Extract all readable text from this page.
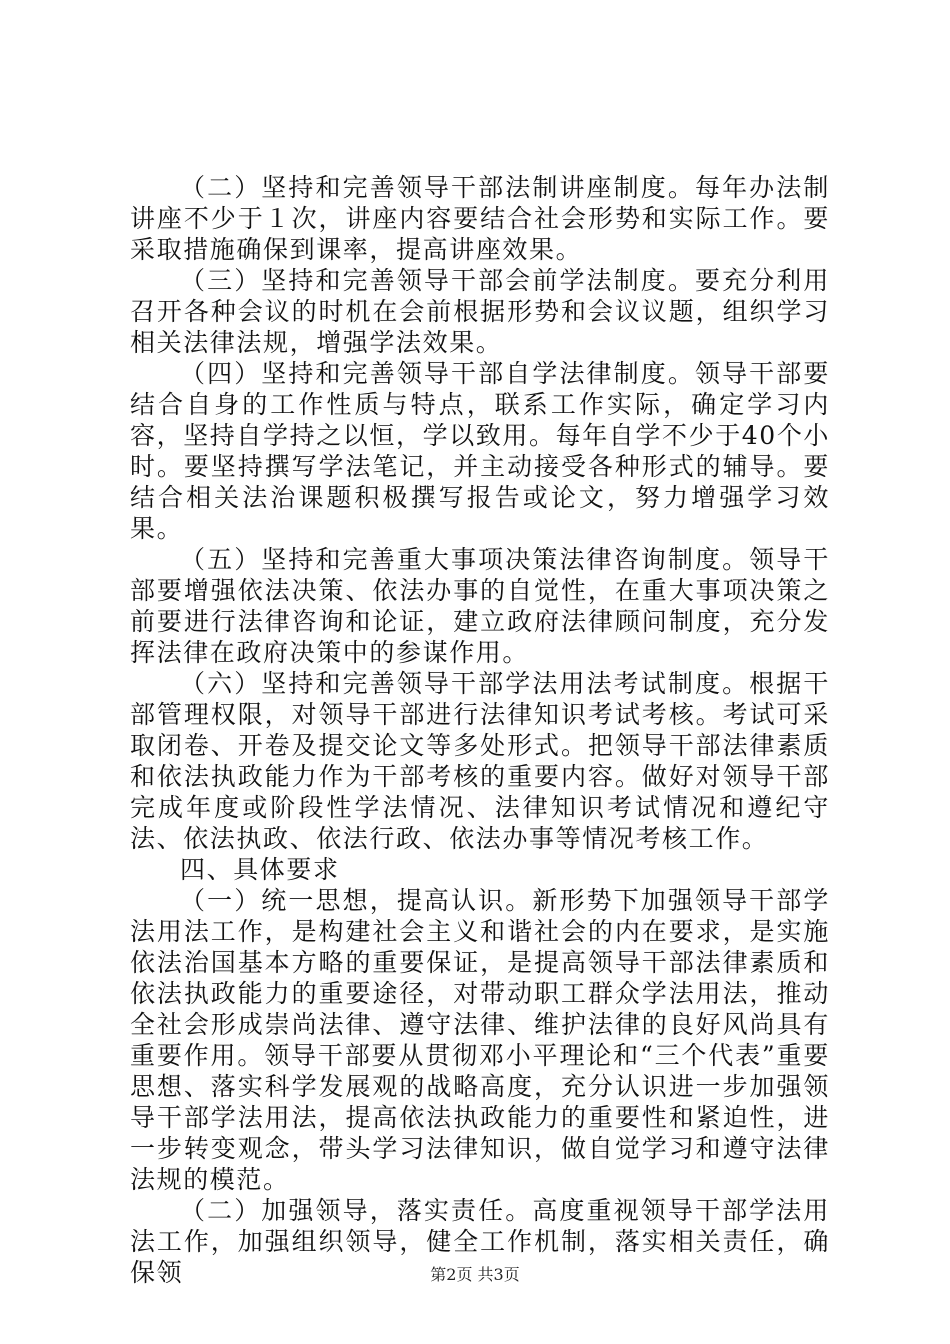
（二）坚持和完善领导干部法制讲座制度。每年办法制讲座不少于１次，讲座内容要结合社会形势和实际工作。要采取措施确保到课率，提高讲座效果。

（三）坚持和完善领导干部会前学法制度。要充分利用召开各种会议的时机在会前根据形势和会议议题，组织学习相关法律法规，增强学法效果。

（四）坚持和完善领导干部自学法律制度。领导干部要结合自身的工作性质与特点，联系工作实际，确定学习内容，坚持自学持之以恒，学以致用。每年自学不少于40个小时。要坚持撰写学法笔记，并主动接受各种形式的辅导。要结合相关法治课题积极撰写报告或论文，努力增强学习效果。

（五）坚持和完善重大事项决策法律咨询制度。领导干部要增强依法决策、依法办事的自觉性，在重大事项决策之前要进行法律咨询和论证，建立政府法律顾问制度，充分发挥法律在政府决策中的参谋作用。

（六）坚持和完善领导干部学法用法考试制度。根据干部管理权限，对领导干部进行法律知识考试考核。考试可采取闭卷、开卷及提交论文等多处形式。把领导干部法律素质和依法执政能力作为干部考核的重要内容。做好对领导干部完成年度或阶段性学法情况、法律知识考试情况和遵纪守法、依法执政、依法行政、依法办事等情况考核工作。

四、具体要求

（一）统一思想，提高认识。新形势下加强领导干部学法用法工作，是构建社会主义和谐社会的内在要求，是实施依法治国基本方略的重要保证，是提高领导干部法律素质和依法执政能力的重要途径，对带动职工群众学法用法，推动全社会形成崇尚法律、遵守法律、维护法律的良好风尚具有重要作用。领导干部要从贯彻邓小平理论和“三个代表”重要思想、落实科学发展观的战略高度，充分认识进一步加强领导干部学法用法，提高依法执政能力的重要性和紧迫性，进一步转变观念，带头学习法律知识，做自觉学习和遵守法律法规的模范。

（二）加强领导，落实责任。高度重视领导干部学法用法工作，加强组织领导，健全工作机制，落实相关责任，确保领	第2页 共3页
